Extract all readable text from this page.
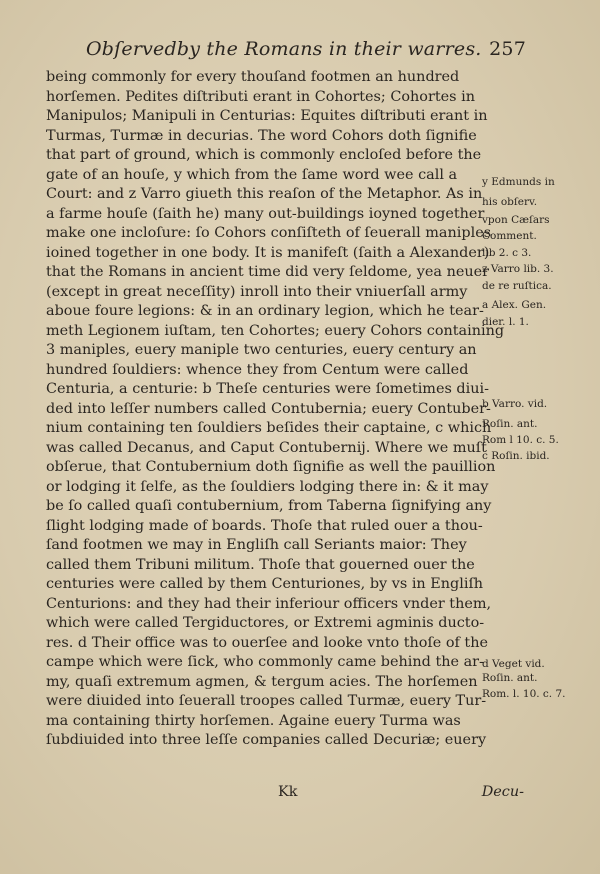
Obſervedby the Romans in their warres. 257
being commonly for every thouſand footmen an hundred
horſemen. Pedites diſtributi erant in Cohortes; Cohortes in
Manipulos; Manipuli in Centurias: Equites diſtributi erant in
Turmas, Turmæ in decurias. The word Cohors doth ſignifie
that part of ground, which is commonly encloſed before the
gate of an houſe, y which from the ſame word wee call a
Court: and z Varro giueth this reaſon of the Metaphor. As in
a farme houſe (ſaith he) many out-buildings ioyned together
make one incloſure: ſo Cohors conſiſteth of ſeuerall maniples
ioined together in one body. It is manifeſt (ſaith a Alexander)
that the Romans in ancient time did very ſeldome, yea neuer
(except in great neceſſity) inroll into their vniuerſall army
aboue foure legions: & in an ordinary legion, which he tear-
meth Legionem iuſtam, ten Cohortes; euery Cohors containing
3 maniples, euery maniple two centuries, euery century an
hundred ſouldiers: whence they from Centum were called
Centuria, a centurie: b Theſe centuries were ſometimes diui-
ded into leſſer numbers called Contubernia; euery Contuber-
nium containing ten ſouldiers beſides their captaine, c which
was called Decanus, and Caput Contubernij. Where we muſt
obſerue, that Contubernium doth ſignifie as well the pauillion
or lodging it ſelfe, as the ſouldiers lodging there in: & it may
be ſo called quaſi contubernium, from Taberna ſignifying any
ſlight lodging made of boards. Thoſe that ruled ouer a thou-
ſand footmen we may in Engliſh call Seriants maior: They
called them Tribuni militum. Thoſe that gouerned ouer the
centuries were called by them Centuriones, by vs in Engliſh
Centurions: and they had their inferiour officers vnder them,
which were called Tergiductores, or Extremi agminis ducto-
res. d Their office was to ouerſee and looke vnto thoſe of the
campe which were ſick, who commonly came behind the ar-
my, quaſi extremum agmen, & tergum acies. The horſemen
were diuided into ſeuerall troopes called Turmæ, euery Tur-
ma containing thirty horſemen. Againe euery Turma was
ſubdiuided into three leſſe companies called Decuriæ; euery
y Edmunds in
his obſerv.
vpon Cæſars
Comment.
lib 2. c 3.
z Varro lib. 3.
de re ruſtica.
a Alex. Gen.
dier. l. 1.
b Varro. vid.
Roſin. ant.
Rom l 10. c. 5.
c Roſin. ibid.
d Veget vid.
Roſin. ant.
Rom. l. 10. c. 7.
Kk	Decu-
